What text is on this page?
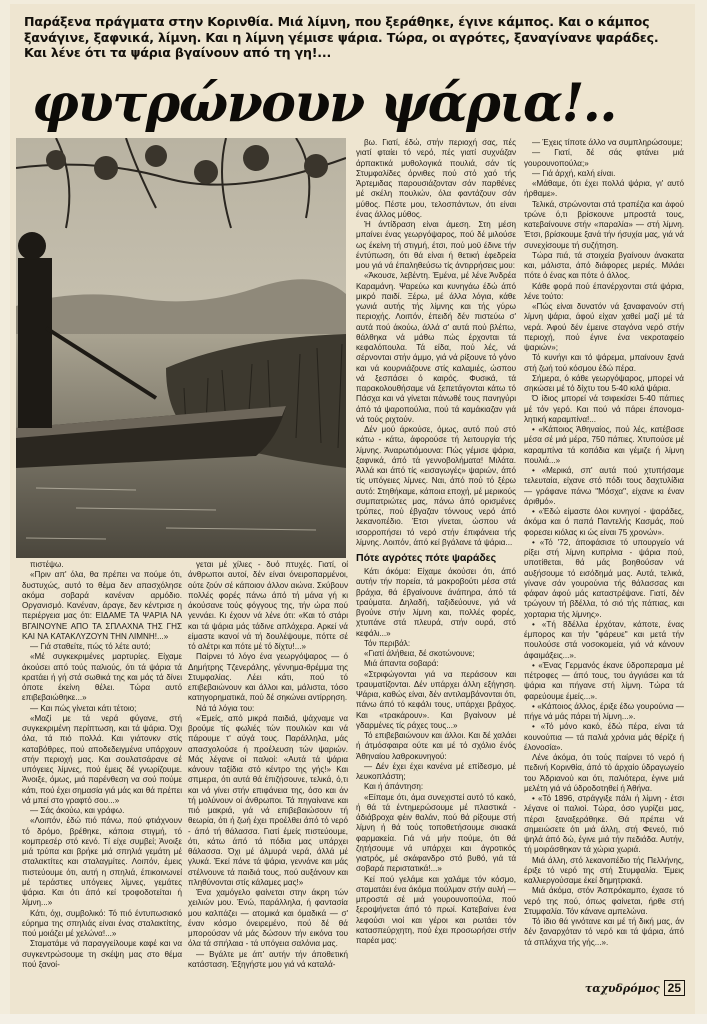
Παράξενα πράγματα στην Κορινθία. Μιά λίμνη, που ξεράθηκε, έγινε κάμπος. Και ο κάμπος ξανάγινε, ξαφνικά, λίμνη. Και η λίμνη γέμισε ψάρια. Τώρα, οι αγρότες, ξαναγίνανε ψαράδες. Και λένε ότι τα ψάρια βγαίνουν από τη γη!...
φυτρώνουν ψάρια!..

πιστέψω.

«Πριν απ' όλα, θα πρέπει να πούμε ότι, δυστυχώς, αυτό το θέμα δεν απασχόλησε ακόμα σοβαρά κανέναν αρμόδιο. Οργανισμό. Κανέναν, άραγε, δεν κέντρισε η περιέργεια μας ότι: ΕΙΔΑΜΕ ΤΑ ΨΑΡΙΑ ΝΑ ΒΓΑΙΝΟΥΝΕ ΑΠΟ ΤΑ ΣΠΛΑΧΝΑ ΤΗΣ ΓΗΣ ΚΑΙ ΝΑ ΚΑΤΑΚΛΥΖΟΥΝ ΤΗΝ ΛΙΜΝΗ!...»

— Γιά σταθείτε, πώς τό λέτε αυτό;

«Μέ συγκεκριμένες μαρτυρίες. Είχαμε άκούσει από τούς παλιούς, ότι τά ψάρια τά κρατάει ή γή στά σωθικά της και μάς τά δίνει όποτε έκείνη θέλει. Τώρα αυτό επιβεβαιώθηκε...»

— Και πώς γίνεται κάτι τέτοιο;

«Μαζί με τά νερά φύγανε, στή συγκεκριμένη περίπτωση, και τά ψάρια. Όχι όλα, τά πιό πολλά. Και γιάτονκν στίς καταβόθρες, πού αποδεδειγμένα υπάρχουν στήν περιοχή μας. Και σουλατσάρανε σέ υπόγειες λίμνες, πού έμεις δέ γνωρίζουμε. Άνοιξε, όμως, μιά παρένθεση να σού πούμε κάτι, πού έχει σημασία γιά μάς και θά πρέπει νά μπεί στο γραφτό σου...»

— Σάς άκούω, και γράφω.

«Λοιπόν, έδώ πιό πάνω, πού φτιάχνουν τό δρόμο, βρέθηκε, κάποια στιγμή, τό κομπρεσέρ στό κενό. Τί είχε συμβεί; Άνοιξε μιά τρύπα και βρήκε μιά σπηλιά γεμάτη μέ σταλακτίτες και σταλαγμίτες. Λοιπόν, έμεις πιστεύουμε ότι, αυτή η σπηλιά, έπικοινωνεί μέ τεράστιες υπόγειες λίμνες, γεμάτες ψάρια. Και ότι άπό κεί τροφοδοτείται ή λίμνη...»

Κάτι, όχι, συμβολικό: Τό πιό έντυπωσιακό εύρημα της σπηλιάς είναι ένας σταλακτίτης, πού μοιάζει μέ χελώνα!...»

Σταματάμε νά παραγγείλουμε καφέ και να συγκεντρώσουμε τη σκέψη μας στο θέμα πού ξανοί-

γεται μέ χίλιες - δυό πτυχές. Γιατί, οί άνθρωποι αυτοί, δέν είναι όνειροπαρμένοι, ούτε ζούν σέ κάποιον άλλον αιώνα. Σκύβουν πολλές φορές πάνω άπό τή μάνα γή κι άκούσανε τούς φόγγους της, τήν ώρα πού γεννάει. Κι έχουν νά λένε ότι: «Και τό στάρι και τά ψάρια μάς τάδινε απλόχερα. Αρκεί νά είμαστε ικανοί νά τή δουλέψουμε, πόττε σέ τό αλέτρι και πότε μέ τό δίχτυ!...»

Παίρνει τό λόγο ένα γεωργόψαρος — ό Δημήτρης Τζενεράλης, γέννημα-θρέμμα της Στυμφαλίας. Λέει κάτι, πού τό επιβεβαιώνουν και άλλοι και, μάλιστα, τόσο κατηγορηματικά, πού δέ σηκώνει αντίρρηση.

Νά τά λόγια του:

«Έμείς, από μικρά παιδιά, ψάχναμε να βρούμε τίς φωλιές τών πουλιών και νά πάρουμε τ' αύγά τους. Παράλληλα, μάς απασχολούσε ή προέλευση τών ψαριών. Μάς λέγανε οί παλιοί: «Αυτά τά ψάρια κάνουν ταξίδια στό κέντρο της γής!» Και σπμερα, ότι αυτά θά έπιζήσουνε, τελικά, ό,τι και νά γίνει στήν επιφάνεια της, όσο και άν τή μολύνουν οί άνθρωποι. Τά πηγαίνανε και πιό μακριά, γιά νά επιβεβαιώσουν τή θεωρία, ότι ή ζωή έχει προέλθει άπό τό νερό - άπό τή θάλασσα. Γιατί έμείς πιστεύουμε, ότι, κάτω άπό τά πόδια μας υπάρχει θάλασσα. Όχι μέ άλμυρά νερά, άλλά μέ γλυκά. Έκεί πάνε τά ψάρια, γεννάνε και μάς στέλνουνε τά παιδιά τους, πού αυξάνουν και πληθύνονται στίς κάλαμες μας!»

Ένα χαμόγελο φαίνεται στην άκρη τών χειλιών μου. Ένώ, παράλληλα, ή φαντασία μου καλπάζει — ατομικά και όμαδικά — σ' έναν κόσμο όνειρεμένο, πού δέ θά μπορούσαν νά μάς δώσουν τήν εικόνα του όλα τά σπήλαια - τά υπόγεια σαλόνια μας.

— Βγάλτε με άπ' αυτήν τήν άποθετική κατάσταση. Έξηγήστε μου γιά νά καταλά-

βω. Γιατί, έδώ, στήν περιοχή σας, πές γιατί φταίει τό νερό, πές γιατί συχνάζαν άρπακτικά μυθολογικά πουλιά, σάν τίς Στυμφαλίδες όρνιθες πού στό χαό τής Άρτεμιδας παρουσιάζονταν σάν παρθένες μέ σκέλη πουλιών, όλα φαντάζουν σάν μύθος. Πέστε μου, τελοσπάντων, ότι είναι ένας άλλος μύθος.

Ή άντίδραση είναι άμεση. Στη μέση μπαίνει ένας γεωργόψαρος, πού δέ μιλούσε ως έκείνη τή στιγμή, έτσι, πού μοϋ έδινε τήν έντύπωση, ότι θά είναι ή θετική έφεδρεία μου γιά νά έπαληθεύσω τίς άντιρρήσεις μου:

«Άκουσε, λεβέντη. Έμένα, μέ λένε Άνδρέα Καραμάνη. Ψαρεύω και κυνηγάω έδώ άπό μικρό παιδί. Ξέρω, μέ άλλα λόγια, κάθε γωνιά αυτής τής λίμνης και τής γύρω περιοχής. Λοιπόν, έπειδή δέν πιστεύω σ' αυτά πού άκούω, άλλά σ' αυτά πού βλέπω, θάλθηκα νά μάθω πώς έρχονται τά κεφαλόπουλα. Τά είδα, πού λές, νά σέρνονται στήν άμμο, γιά νά ρίξουνε τό γόνο και νά κουρνιάζουνε στίς καλαμιές, ώσπου νά ξεσπάσει ό καιρός. Φυσικά, τά παρακολουθήσαμε νά ξεπετάγονται κάτω τό Πάσχα και νά γίνεται πάνωθέ τους πανηγύρι άπό τά ψαροπούλια, πού τά καμάκιαζαν γιά νά τούς ριχτούν.

Δέν μού άρκούσε, όμως, αυτό πού στό κάτω - κάτω, άφορούσε τή λειτουργία τής λίμνης. Άναρωτιόμουνα: Πώς γέμισε ψάρια, ξαφνικά, άπό τά γεννοβολήματα! Μιλάτα. Άλλά και άπό τίς «εισαγωγές» ψαριών, άπό τίς υπόγειες λίμνες. Ναι, άπό πού τό ξέρω αυτό: Στηθήκαμε, κάποια εποχή, μέ μερικούς συμπατριώτες μας, πάνω άπό ορισμένες τρύπες, πού έβγαζαν τόννους νερό άπό λεκανοπέδιο. Έτσι γίνεται, ώσπου νά ισορροπήσει τό νερό στήν έπιφάνεια τής λίμνης. Λοιπόν, άπό κεί βγάλανε τά ψάρια...

Πότε αγρότες πότε ψαράδες

Κάτι άκόμα: Είχαμε άκούσει ότι, άπό αυτήν τήν πορεία, τά μακροβούτι μέσα στά βράχια, θά έβγαίνουνε άνάπηρα, άπό τά τραύματα. Δηλαδή, ταξιδεύουνε, γιά νά βγούνε στήν λίμνη και, πολλές φορές, χτυπάνε στά πλευρά, στήν ουρά, στό κεφάλι...»

Τόν περιβάλ:

«Γιατί άλήθεια, δέ σκοτώνουνε;

Μιά άπαντα σοβαρά:

«Στριφώγονται γιά να περάσουν και τραυματίζονται. Δέν υπάρχει άλλη εξήγηση. Ψάρια, καθώς είναι, δέν αντιλαμβάνονται ότι, πάνω άπό τό κεφάλι τους, υπάρχει βράχος. Και «τρακάρουν». Και βγαίνουν μέ γδαρμένες τίς ράχες τους...»

Τό επιβεβαιώνουν και άλλοι. Και δέ χαλάει ή άτμόσφαιρα ούτε και μέ τό σχόλιο ένός Άθηναίου λαθροκυνηγού:

— Δέν έχει έχει κανένα μέ επίδεσμο, μέ λευκοπλάστη;

Και ή άπάντηση:

«Είπαμε ότι, άμα συνεχιστεί αυτό τό κακό, ή θά τά έντημερώσουμε μέ πλαστικά - άδιάβροχα φέιν θαλάν, πού θά ρίξουμε στή λίμνη ή θά τούς τοποθετήσουμε σικιακά φαρμακεία. Γιά νά μήν πούμε, ότι θά ζητήσουμε νά υπάρχει και άγροτικός γιατρός, μέ σκάφανδρο στό βυθό, γιά τά σοβαρά περιστατικά!...»

Κεί πού γελάμε και χαλάμε τόν κόσμο, σταματάει ένα άκόμα πούλμαν στήν αυλή — μπροστά σέ μιά γουρουνοπούλα, πού ξεροψήνεται άπό τό πρωί. Κατεβαίνει ένα λεφούσι νιοί και γέροι και ρωτάει τόν κατασπεύρχητη, πού έχει προσωρήσει στήν παρέα μας:

— Έχεις τίποτε άλλο να συμπληρώσουμε;

— Γιατί, δέ σάς φτάνει μιά γουρουνοπούλα;»

— Γιά άρχή, καλή είναι.

«Μάθαμε, ότι έχει πολλά ψάρια, γι' αυτό ήρθαμε».

Τελικά, στρώνονται στά τραπέζια και άφού τρώνε ό,τι βρίσκουνε μπροστά τους, κατεβαίνουνε στήν «παραλία» — στή λίμνη. Έτσι, βρίσκουμε ξανά τήν ήσυχία μας, γιά νά συνεχίσουμε τή συζήτηση.

Τώρα πιά, τά στοιχεία βγαίνουν άνακατα και, μάλιστα, άπό διάφορες μεριές. Μιλάει πότε ό ένας και πότε ό άλλος.

Κάθε φορά πού έπανέρχονται στά ψάρια, λένε τούτο:

«Πώς είναι δυνατόν νά ξαναφανούν στή λίμνη ψάρια, άφού είχαν χαθεί μαζί μέ τά νερά. Άφού δέν έμεινε σταγόνα νερό στήν περιοχή, πού έγινε ένα νεκροταφείο ψαριών»;

Τό κυνήγι και τό ψάρεμα, μπαίνουν ξανά στή ζωή τού κόσμου έδώ πέρα.

Σήμερα, ό κάθε γεωργόψαρος, μπορεί νά σηκώσει μέ τό δίχτυ του 5-40 κιλά ψάρια.

Ό ίδιος μπορεί νά τσιφεκίσει 5-40 πάπιες μέ τόν γερό. Και πού νά πάρει έπονομα- λητική καραμπίνα!...

• «Κάποιος Άθηναίος, πού λές, κατέβασε μέσα σέ μιά μέρα, 750 πάπιες. Χτυπούσε μέ καραμπίνα τά κοπάδια και γέμιζε ή λίμνη πουλιά...»

• «Μερικά, σπ' αυτά πού χτυπήσαμε τελευταία, είχανε στό πόδι τους δαχτυλίδια — γράφανε πάνω "Μόσχα", είχανε κι έναν άριθμό».

• «Έδώ είμαστε όλοι κυνηγοί - ψαράδες, άκόμα και ό παπά Παντελής Κασμάς, πού φορεσει κιόλας κι ώς είναι 75 χρονών».

• «Τό '72, άποφάσισε τό υπουργείο νά ρίξει στή λίμνη κυπρίνια - ψάρια πού, υποτίθεται, θά μάς βοηθούσαν νά αυξήσουμε τό εισόδημά μας. Αυτά, τελικά, γίνανε σάν γουρούνια τής θάλασσας και φάφαν άφού μάς καταστρέψανε. Γιατί, δέν τρώγουν τή βδέλλα, τό σιό τής πάπιας, και χορταρια τής λίμνης».

• «Τή 8δέλλα έρχόταν, κάποτε, ένας έμπορος και τήν "φάρευε" και μετά τήν πουλούσε στά νοσοκομεία, γιά νά κάνουν άφαιμάξεις...».

• «Ένας Γερμανός έκανε ύδροπεραμα μέ πέτροφες — άπό τους, του άγγιάσει και τά ψάρια και πήγανε στή λίμνη. Τώρα τά φαρεύουμε έμείς...».

• «Κάποιος άλλος, έριξε έδω γουρούνια — πήγε νά μάς πάρει τή λίμνη...».

• «Τό μόνο κακό, έδώ πέρα, είναι τά κουνούπια — τά παλιά χρόνια μάς θέρίζε ή έλονοσία».

Λένε άκόμα, ότι τούς παίρνει τό νερό ή πεδινή Κορινθία, άπό τό άρχαίο ύδραγωγείο του Άδριανού και ότι, παλιότερα, έγινε μιά μελέτη γιά νά ύδροδοτηθεί ή Άθήνα.

• «Τό 1896, στράγγιξε πάλι ή λίμνη - έτσι λέγανε οί παλιοί. Τώρα, όσο γυρίζει μας, πέρσι ξαναξεράθηκε. Θά πρέπει νά σημειώσετε ότι μιά άλλη, στή Φενεό, πιό ψηλά άπό δώ, έγινε μιά τήν πεδιάδα. Αυτήν, τή μοιράσθηκαν τά χώρια χωριά.

Μιά άλλη, στό λεκανοπέδιο τής Πελλήνης, έριξε τό νερό της στή Στυμφαλία. Έμεις καλλιεργούσαμε έκεί δημητριακά.

Μιά άκόμα, στόν Άσπρόκαμπο, έχασε τό νερό της πού, όπως φαίνεται, ήρθε στή Στυμφαλία. Τόν κάνανε αμπελώνα.

Τό ίδιο θά γινότανε και μέ τή δική μας, άν δέν ξαναρχόταν τό νερό και τά ψάρια, άπό τά σπλάχνα τής γής...».

ταχυδρόμος 25
